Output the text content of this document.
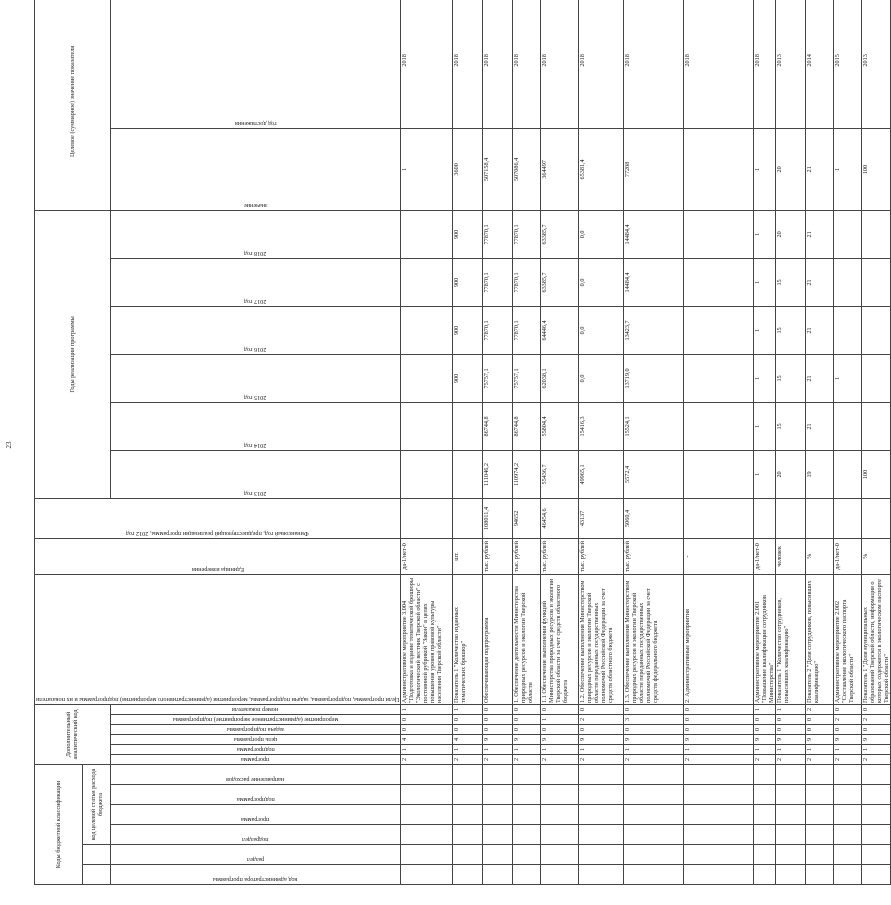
23
Коды бюджетной классификации						Дополнительный аналитический код						Цели программы, подпрограммы, задачи подпрограммы, мероприятия (административного мероприятия) подпрограммы и их показатели	Единица измерения	Финансовый год, предшествующий реализации программы, 2012 год	Годы реализации программы						Целевое (суммарное) значение показателя	
		код целевой статьи расхода бюджета																				

код администратора программы	раздел	подраздел	программа	подпрограмма	направление расходов	программа	подпрограмма	цель программы	задача подпрограммы	мероприятие (административное мероприятие) подпрограммы	номер показателя				2013 год	2014 год	2015 год	2016 год	2017 год	2018 год	значение	год достижения

						2	1	4	0	0	1	Административное мероприятие 3.004 "Подготовка и издание тематической брошюры "Экологический вестник Тверской области" с постоянной рубрикой "Закон" в целях повышения уровня правовой культуры населения Тверской области"	да-1/нет-0								1	2018
						2	1	4	0	0	1	Показатель 1 "Количество изданных тематических брошюр"	шт.				900	900	900	900	3600	2018
						2	1	9	0	0	0	Обеспечивающая подпрограмма	тыс. рублей	108011,4	111046,2	86744,8	75757,1	77870,1	77870,1	77870,1	507158,4	2018
						2	1	9	0	0	0	1. Обеспечение деятельности Министерства природных ресурсов и экологии Тверской области	тыс. рублей	94652	110974,2	86744,8	75757,1	77870,1	77870,1	77870,1	507086,4	2018
						2	1	9	0	1	0	1.1 Обеспечение выполнения функций Министерства природных ресурсов и экологии Тверской области за счет средств областного бюджета	тыс. рублей	46454,6	55436,7	55804,4	62038,1	64446,4	63385,7	63385,7	364497	2018
						2	1	9	0	2	0	1.2. Обеспечение выполнения Министерством природных ресурсов и экологии Тверской области переданных государственных полномочий Российской Федерации за счет средств областного бюджета	тыс. рублей	43137	49965,1	15416,3	0,0	0,0	0,0	0,0	65381,4	2018
						2	1	9	0	3	0	1.3. Обеспечение выполнения Министерством природных ресурсов и экологии Тверской области переданных государственных полномочий Российской Федерации за счет средств федерального бюджета	тыс. рублей	5060,4	5572,4	15524,1	13719,0	13423,7	14484,4	14484,4	77208	2018
						2	1	9	0	0	0	2. Административные мероприятия	-									2018
						2	1	9	0	0	1	Административное мероприятие 2.001 "Повышение квалификации сотрудников Министерства"	да-1/нет-0		1	1	1	1	1	1	1	2018
						2	1	9	0	0	1	Показатель 1 "Количество сотрудников, повысивших квалификацию"	человек		20	15	15	15	15	20	20	2013
						2	1	9	0	0	2	Показатель 2 "Доля сотрудников, повысивших квалификацию"	%		19	21	21	21	21	21	21	2014
						2	1	9	0	2	0	Административное мероприятие 2.002 "Составление экологического паспорта Тверской области"	да-1/нет-0				1				1	2015
						2	1	9	0	2	0	Показатель 1 "Доля муниципальных образований Тверской области, информация о которых содержится в экологическом паспорте Тверской области"	%		100						100	2013
